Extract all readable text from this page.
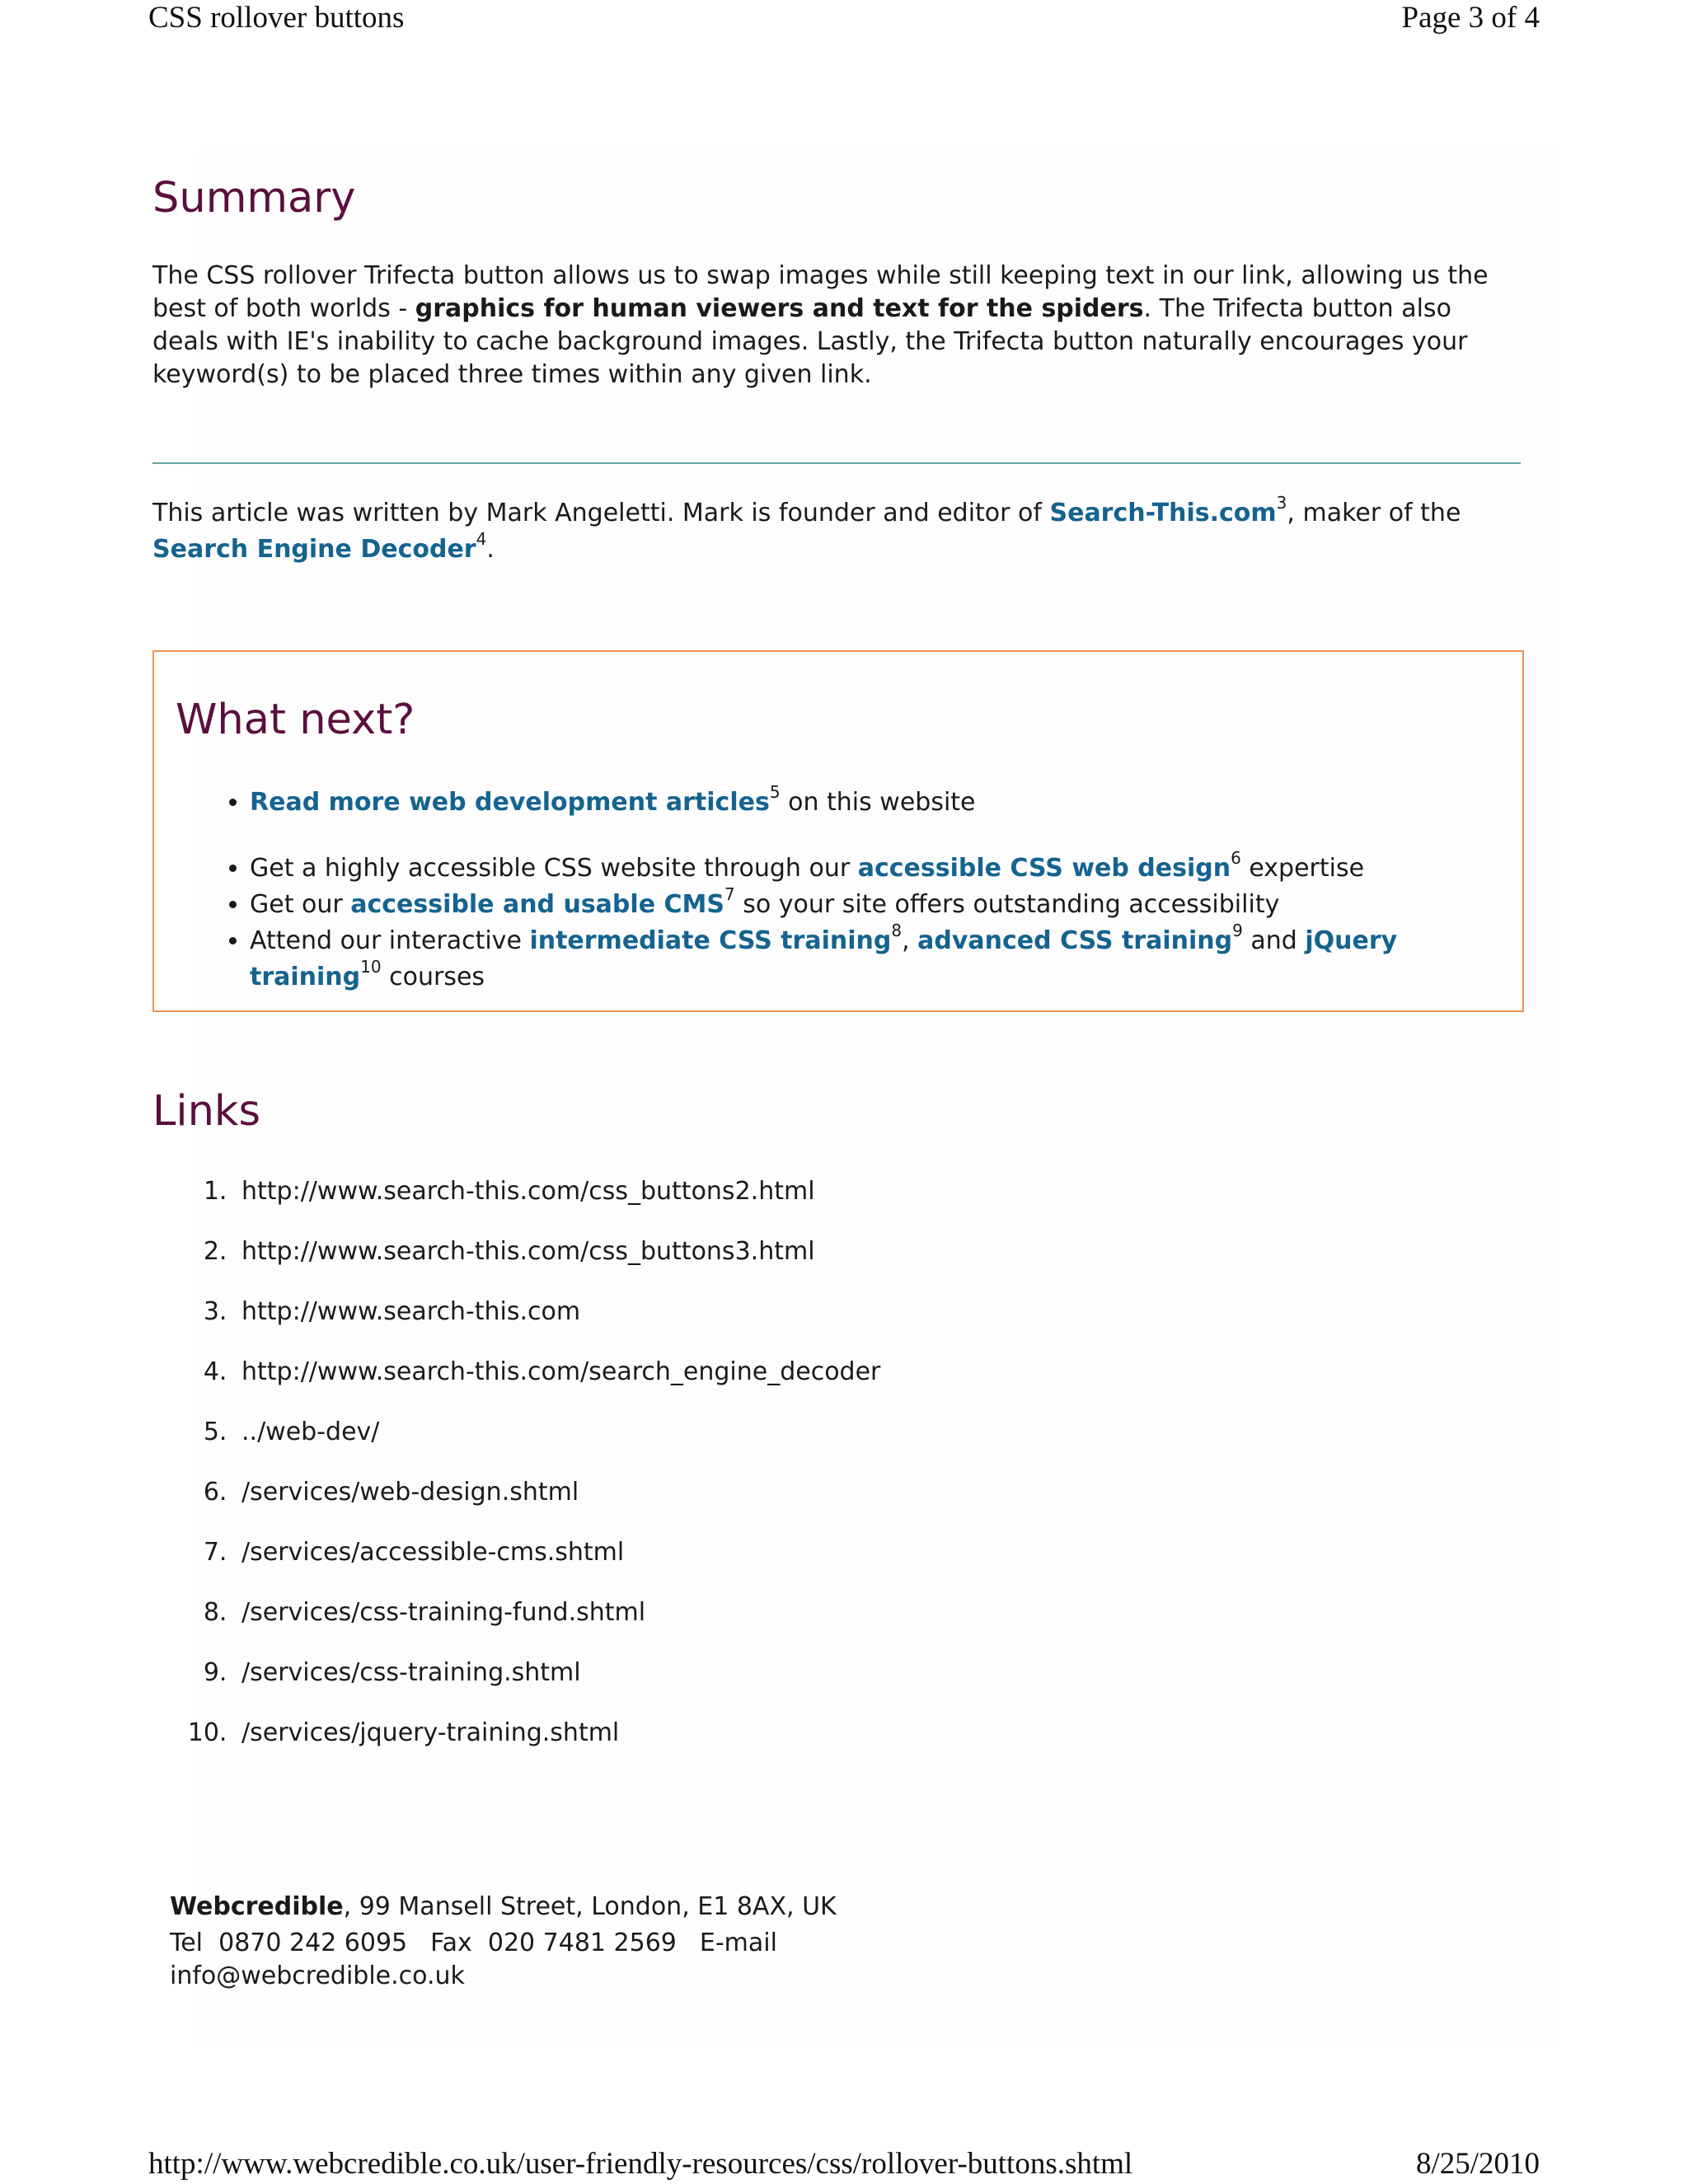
CSS rollover buttons	Page 3 of 4
Summary

The CSS rollover Trifecta button allows us to swap images while still keeping text in our link, allowing us the best of both worlds - graphics for human viewers and text for the spiders. The Trifecta button also deals with IE's inability to cache background images. Lastly, the Trifecta button naturally encourages your keyword(s) to be placed three times within any given link.

This article was written by Mark Angeletti. Mark is founder and editor of Search-This.com$^3$, maker of the Search Engine Decoder$^4$.

What next?
• Read more web development articles$^5$ on this website
• Get a highly accessible CSS website through our accessible CSS web design$^6$ expertise
• Get our accessible and usable CMS$^7$ so your site offers outstanding accessibility
• Attend our interactive intermediate CSS training$^8$, advanced CSS training$^9$ and jQuery training$^{10}$ courses
Links
1. http://www.search-this.com/css_buttons2.html
2. http://www.search-this.com/css_buttons3.html
3. http://www.search-this.com
4. http://www.search-this.com/search_engine_decoder
5. ../web-dev/
6. /services/web-design.shtml
7. /services/accessible-cms.shtml
8. /services/css-training-fund.shtml
9. /services/css-training.shtml
10. /services/jquery-training.shtml
Webcredible, 99 Mansell Street, London, E1 8AX, UK
Tel 0870 242 6095 Fax 020 7481 2569 E-mail  info@webcredible.co.uk
http://www.webcredible.co.uk/user-friendly-resources/css/rollover-buttons.shtml	8/25/2010
